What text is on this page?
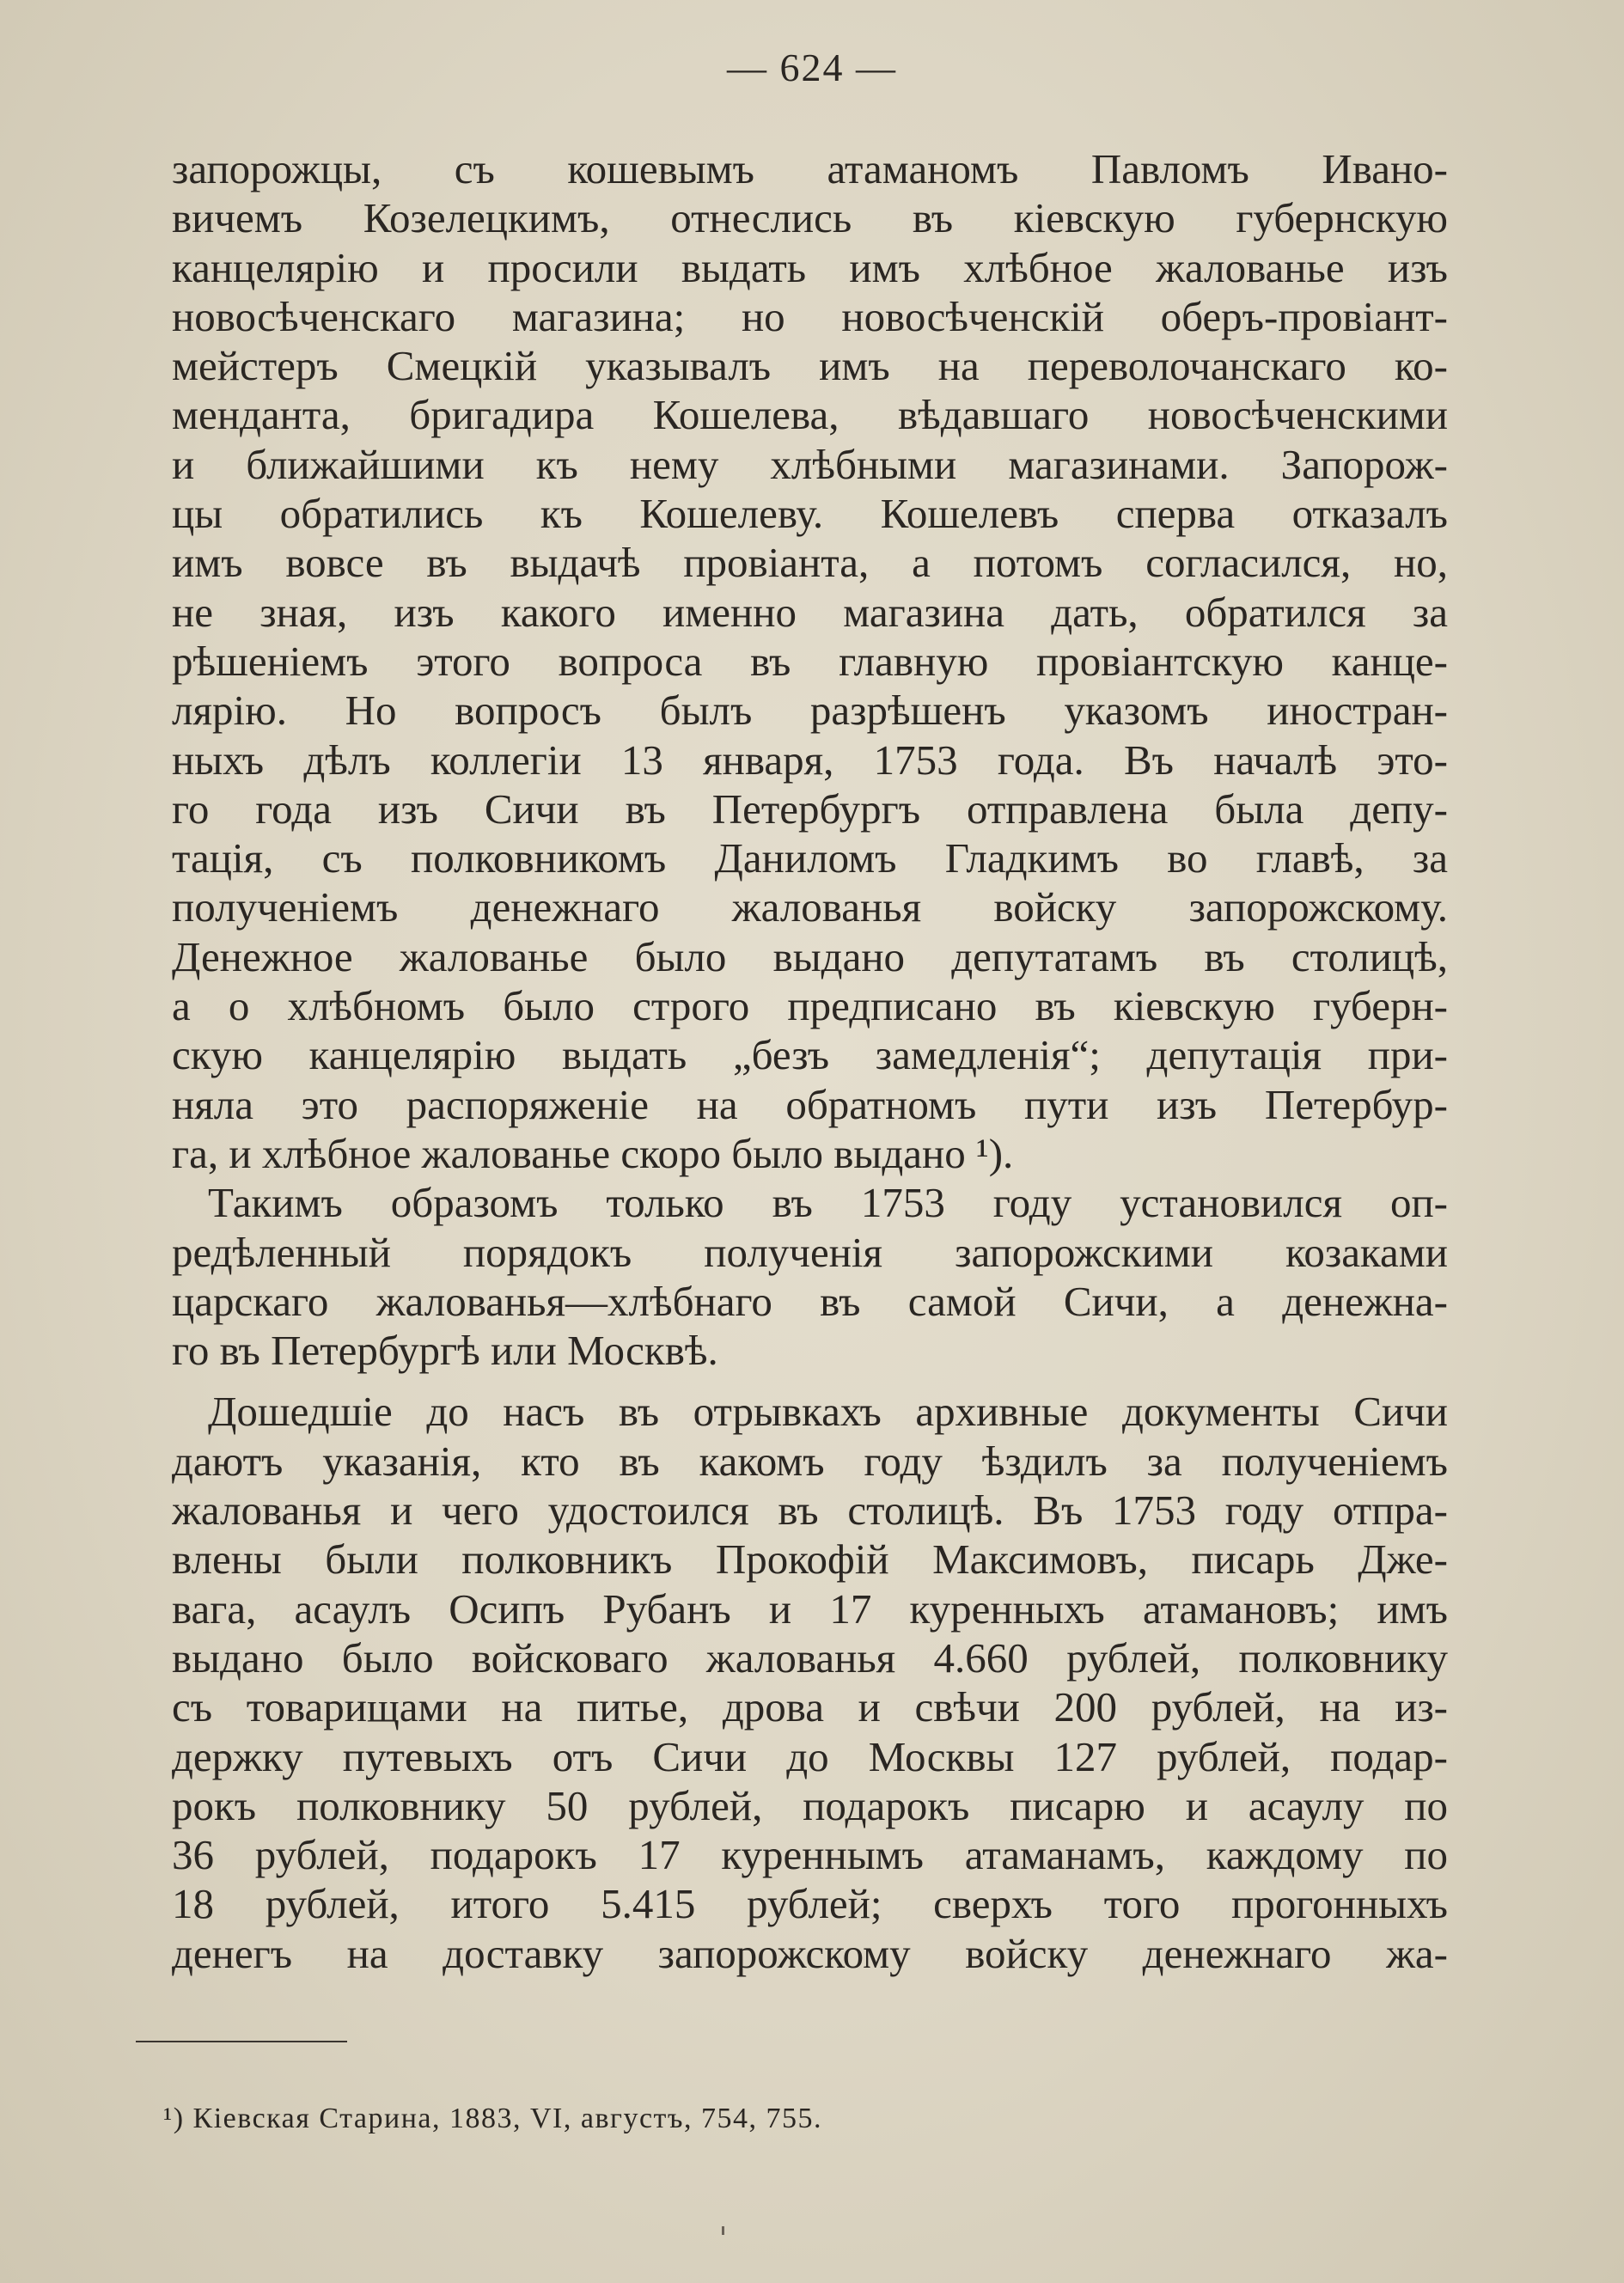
— 624 —
запорожцы, съ кошевымъ атаманомъ Павломъ Ивано-
вичемъ Козелецкимъ, отнеслись въ кіевскую губернскую
канцелярію и просили выдать имъ хлѣбное жалованье изъ
новосѣченскаго магазина; но новосѣченскій оберъ-провіант-
мейстеръ Смецкій указывалъ имъ на переволочанскаго ко-
менданта, бригадира Кошелева, вѣдавшаго новосѣченскими
и ближайшими къ нему хлѣбными магазинами. Запорож-
цы обратились къ Кошелеву. Кошелевъ сперва отказалъ
имъ вовсе въ выдачѣ провіанта, а потомъ согласился, но,
не зная, изъ какого именно магазина дать, обратился за
рѣшеніемъ этого вопроса въ главную провіантскую канце-
лярію. Но вопросъ былъ разрѣшенъ указомъ иностран-
ныхъ дѣлъ коллегіи 13 января, 1753 года. Въ началѣ это-
го года изъ Сичи въ Петербургъ отправлена была депу-
тація, съ полковникомъ Даниломъ Гладкимъ во главѣ, за
полученіемъ денежнаго жалованья войску запорожскому.
Денежное жалованье было выдано депутатамъ въ столицѣ,
а о хлѣбномъ было строго предписано въ кіевскую губерн-
скую канцелярію выдать „безъ замедленія“; депутація при-
няла это распоряженіе на обратномъ пути изъ Петербур-
га, и хлѣбное жалованье скоро было выдано ¹).
Такимъ образомъ только въ 1753 году установился оп-
редѣленный порядокъ полученія запорожскими козаками
царскаго жалованья—хлѣбнаго въ самой Сичи, а денежна-
го въ Петербургѣ или Москвѣ.
Дошедшіе до насъ въ отрывкахъ архивные документы Сичи
даютъ указанія, кто въ какомъ году ѣздилъ за полученіемъ
жалованья и чего удостоился въ столицѣ. Въ 1753 году отпра-
влены были полковникъ Прокофій Максимовъ, писарь Дже-
вага, асаулъ Осипъ Рубанъ и 17 куренныхъ атамановъ; имъ
выдано было войсковаго жалованья 4.660 рублей, полковнику
съ товарищами на питье, дрова и свѣчи 200 рублей, на из-
держку путевыхъ отъ Сичи до Москвы 127 рублей, подар-
рокъ полковнику 50 рублей, подарокъ писарю и асаулу по
36 рублей, подарокъ 17 куреннымъ атаманамъ, каждому по
18 рублей, итого 5.415 рублей; сверхъ того прогонныхъ
денегъ на доставку запорожскому войску денежнаго жа-
¹) Кіевская Старина, 1883, VI, августъ, 754, 755.
